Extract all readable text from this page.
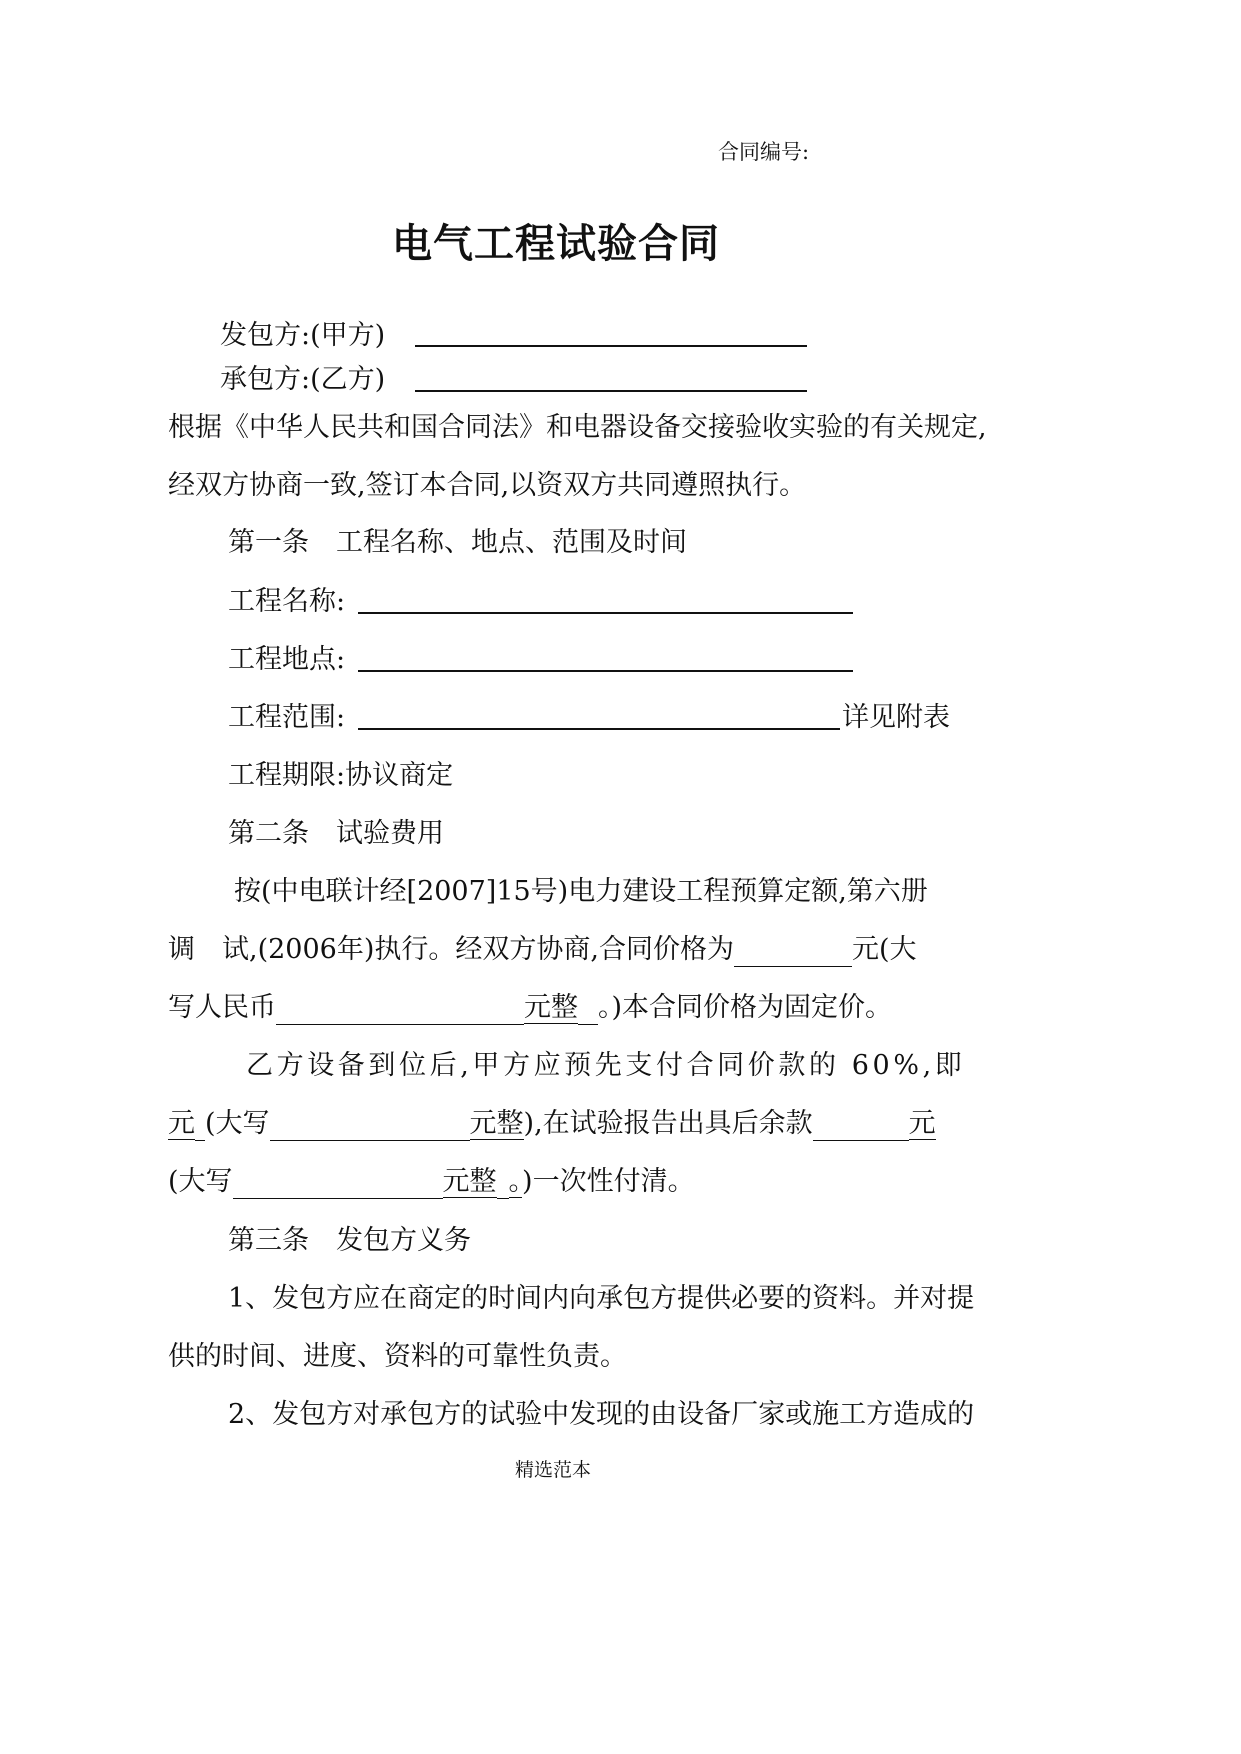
合同编号:
电气工程试验合同
发包方:(甲方)
承包方:(乙方)
根据《中华人民共和国合同法》和电器设备交接验收实验的有关规定,
经双方协商一致,签订本合同,以资双方共同遵照执行。
第一条　工程名称、地点、范围及时间
工程名称:
工程地点:
工程范围:	详见附表
工程期限:协议商定
第二条　试验费用
按(中电联计经[2007]15号)电力建设工程预算定额,第六册
调　试,(2006年)执行。经双方协商,合同价格为	元(大
写人民币	元整 。)本合同价格为固定价。
乙方设备到位后,甲方应预先支付合同价款的 60%,即
元 (大写	元整),在试验报告出具后余款	元
(大写	元整 。)一次性付清。
第三条　发包方义务
1、发包方应在商定的时间内向承包方提供必要的资料。并对提
供的时间、进度、资料的可靠性负责。
2、发包方对承包方的试验中发现的由设备厂家或施工方造成的
精选范本
